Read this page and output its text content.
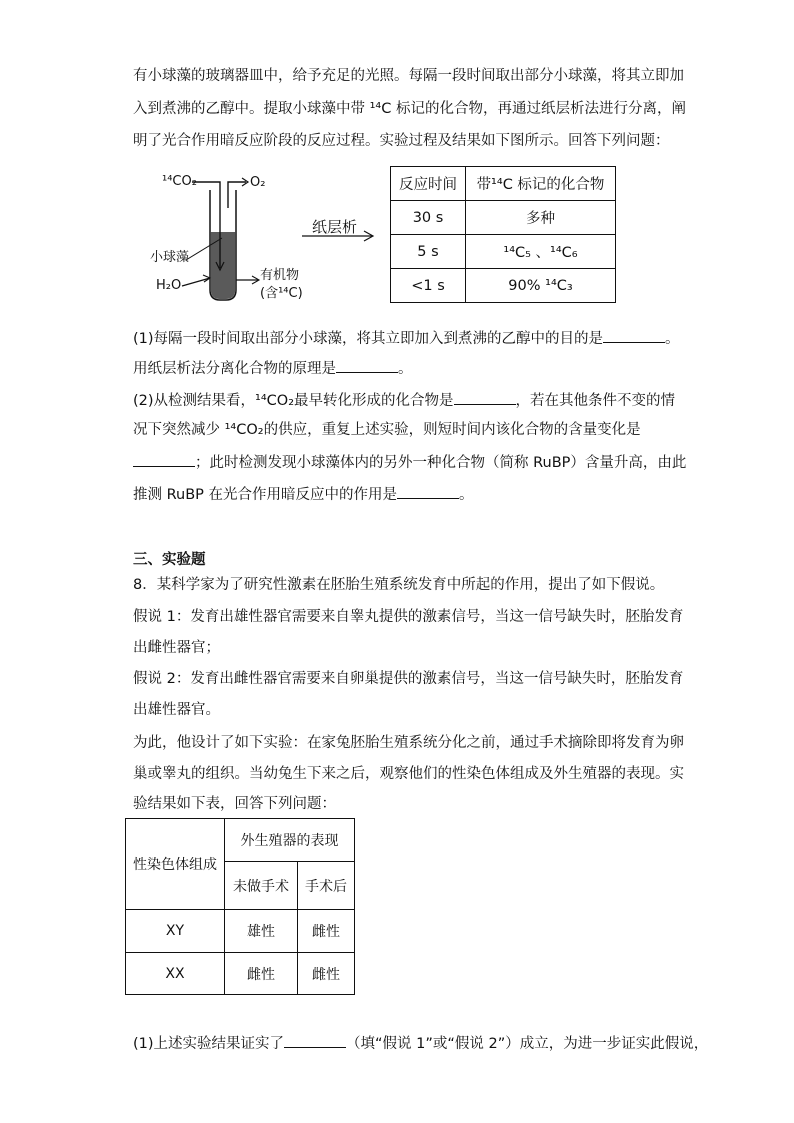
有小球藻的玻璃器皿中，给予充足的光照。每隔一段时间取出部分小球藻，将其立即加
入到煮沸的乙醇中。提取小球藻中带 ¹⁴C 标记的化合物，再通过纸层析法进行分离，阐
明了光合作用暗反应阶段的反应过程。实验过程及结果如下图所示。回答下列问题：
¹⁴CO₂	O₂
小球藻
H₂O
有机物
(含¹⁴C)
纸层析
反应时间	带¹⁴C 标记的化合物
30 s	多种
5 s	¹⁴C₅ 、¹⁴C₆
<1 s	90% ¹⁴C₃
(1)每隔一段时间取出部分小球藻，将其立即加入到煮沸的乙醇中的目的是	。
用纸层析法分离化合物的原理是	。
(2)从检测结果看，¹⁴CO₂最早转化形成的化合物是	，若在其他条件不变的情
况下突然减少 ¹⁴CO₂的供应，重复上述实验，则短时间内该化合物的含量变化是
；此时检测发现小球藻体内的另外一种化合物（简称 RuBP）含量升高，由此
推测 RuBP 在光合作用暗反应中的作用是	。
三、实验题
8．某科学家为了研究性激素在胚胎生殖系统发育中所起的作用，提出了如下假说。
假说 1：发育出雄性器官需要来自睾丸提供的激素信号，当这一信号缺失时，胚胎发育
出雌性器官；
假说 2：发育出雌性器官需要来自卵巢提供的激素信号，当这一信号缺失时，胚胎发育
出雄性器官。
为此，他设计了如下实验：在家兔胚胎生殖系统分化之前，通过手术摘除即将发育为卵
巢或睾丸的组织。当幼兔生下来之后，观察他们的性染色体组成及外生殖器的表现。实
验结果如下表，回答下列问题：
性染色体组成	外生殖器的表现	
	未做手术	手术后
XY	雄性	雌性
XX	雌性	雌性
(1)上述实验结果证实了	（填“假说 1”或“假说 2”）成立，为进一步证实此假说，
